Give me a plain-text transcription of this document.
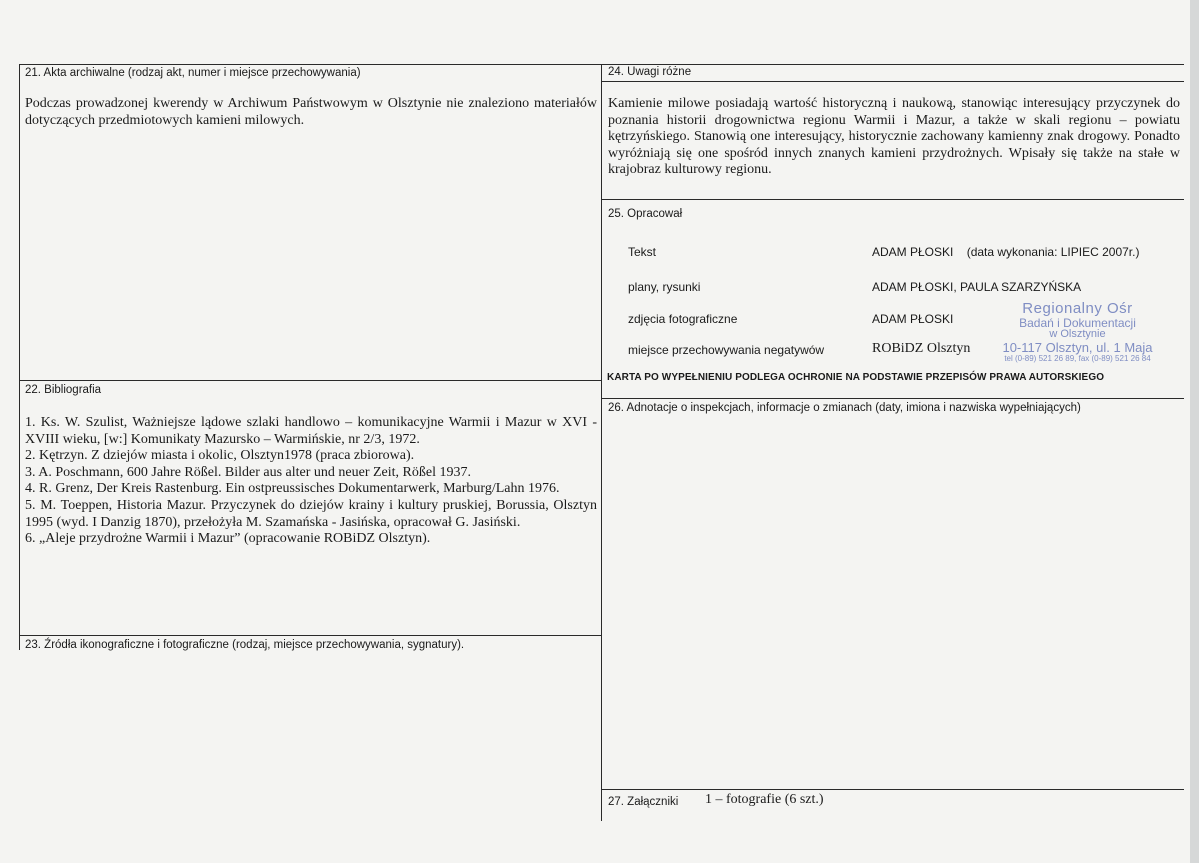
21. Akta archiwalne (rodzaj akt, numer i miejsce przechowywania)
Podczas prowadzonej kwerendy w Archiwum Państwowym w Olsztynie nie znaleziono materiałów dotyczących przedmiotowych kamieni milowych.
24. Uwagi różne
Kamienie milowe posiadają wartość historyczną i naukową, stanowiąc interesujący przyczynek do poznania historii drogownictwa regionu Warmii i Mazur, a także w skali regionu – powiatu kętrzyńskiego. Stanowią one interesujący, historycznie zachowany kamienny znak drogowy. Ponadto wyróżniają się one spośród innych znanych kamieni przydrożnych. Wpisały się także na stałe w krajobraz kulturowy regionu.
25. Opracował
Tekst	ADAM PŁOSKI    (data wykonania: LIPIEC 2007r.)
plany, rysunki	ADAM PŁOSKI, PAULA SZARZYŃSKA
zdjęcia fotograficzne	ADAM PŁOSKI
miejsce przechowywania negatywów	ROBiDZ Olsztyn
Regionalny Ośr
Badań i Dokumentacji
w Olsztynie
10-117 Olsztyn, ul. 1 Maja
tel (0-89) 521 26 89, fax (0-89) 521 26 84
KARTA PO WYPEŁNIENIU PODLEGA OCHRONIE NA PODSTAWIE PRZEPISÓW PRAWA AUTORSKIEGO
22. Bibliografia

1. Ks. W. Szulist, Ważniejsze lądowe szlaki handlowo – komunikacyjne Warmii i Mazur w XVI - XVIII wieku, [w:] Komunikaty Mazursko – Warmińskie, nr 2/3, 1972.

2. Kętrzyn. Z dziejów miasta i okolic, Olsztyn1978 (praca zbiorowa).

3. A. Poschmann, 600 Jahre Rößel. Bilder aus alter und neuer Zeit, Rößel 1937.

4. R. Grenz, Der Kreis Rastenburg. Ein ostpreussisches Dokumentarwerk, Marburg/Lahn 1976.

5. M. Toeppen, Historia Mazur. Przyczynek do dziejów krainy i kultury pruskiej, Borussia, Olsztyn 1995 (wyd. I Danzig 1870), przełożyła M. Szamańska - Jasińska, opracował G. Jasiński.

6. „Aleje przydrożne Warmii i Mazur” (opracowanie ROBiDZ Olsztyn).

26. Adnotacje o inspekcjach, informacje o zmianach (daty, imiona i nazwiska wypełniających)
23. Źródła ikonograficzne i fotograficzne (rodzaj, miejsce przechowywania, sygnatury).
27. Załączniki 1 – fotografie (6 szt.)
